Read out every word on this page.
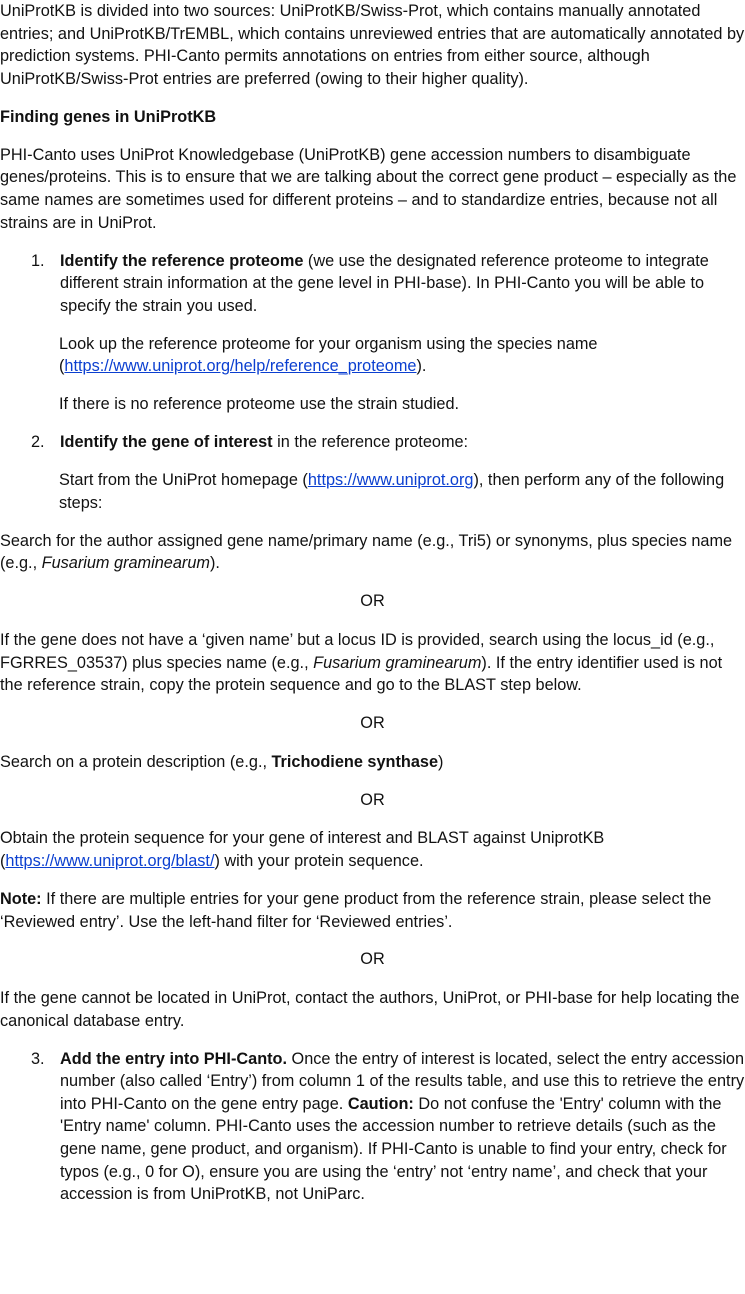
UniProtKB is divided into two sources: UniProtKB/Swiss-Prot, which contains manually annotated entries; and UniProtKB/TrEMBL, which contains unreviewed entries that are automatically annotated by prediction systems. PHI-Canto permits annotations on entries from either source, although UniProtKB/Swiss-Prot entries are preferred (owing to their higher quality).

Finding genes in UniProtKB

PHI-Canto uses UniProt Knowledgebase (UniProtKB) gene accession numbers to disambiguate genes/proteins. This is to ensure that we are talking about the correct gene product – especially as the same names are sometimes used for different proteins – and to standardize entries, because not all strains are in UniProt.

1. Identify the reference proteome (we use the designated reference proteome to integrate different strain information at the gene level in PHI-base). In PHI-Canto you will be able to specify the strain you used.

Look up the reference proteome for your organism using the species name (https://www.uniprot.org/help/reference_proteome).

If there is no reference proteome use the strain studied.

2. Identify the gene of interest in the reference proteome:

Start from the UniProt homepage (https://www.uniprot.org), then perform any of the following steps:

Search for the author assigned gene name/primary name (e.g., Tri5) or synonyms, plus species name (e.g., Fusarium graminearum).

OR

If the gene does not have a ‘given name’ but a locus ID is provided, search using the locus_id (e.g., FGRRES_03537) plus species name (e.g., Fusarium graminearum). If the entry identifier used is not the reference strain, copy the protein sequence and go to the BLAST step below.

OR

Search on a protein description (e.g., Trichodiene synthase)

OR

Obtain the protein sequence for your gene of interest and BLAST against UniprotKB (https://www.uniprot.org/blast/) with your protein sequence.

Note: If there are multiple entries for your gene product from the reference strain, please select the ‘Reviewed entry’. Use the left-hand filter for ‘Reviewed entries’.

OR

If the gene cannot be located in UniProt, contact the authors, UniProt, or PHI-base for help locating the canonical database entry.

3. Add the entry into PHI-Canto. Once the entry of interest is located, select the entry accession number (also called ‘Entry’) from column 1 of the results table, and use this to retrieve the entry into PHI-Canto on the gene entry page. Caution: Do not confuse the 'Entry' column with the 'Entry name' column. PHI-Canto uses the accession number to retrieve details (such as the gene name, gene product, and organism). If PHI-Canto is unable to find your entry, check for typos (e.g., 0 for O), ensure you are using the ‘entry’ not ‘entry name’, and check that your accession is from UniProtKB, not UniParc.
